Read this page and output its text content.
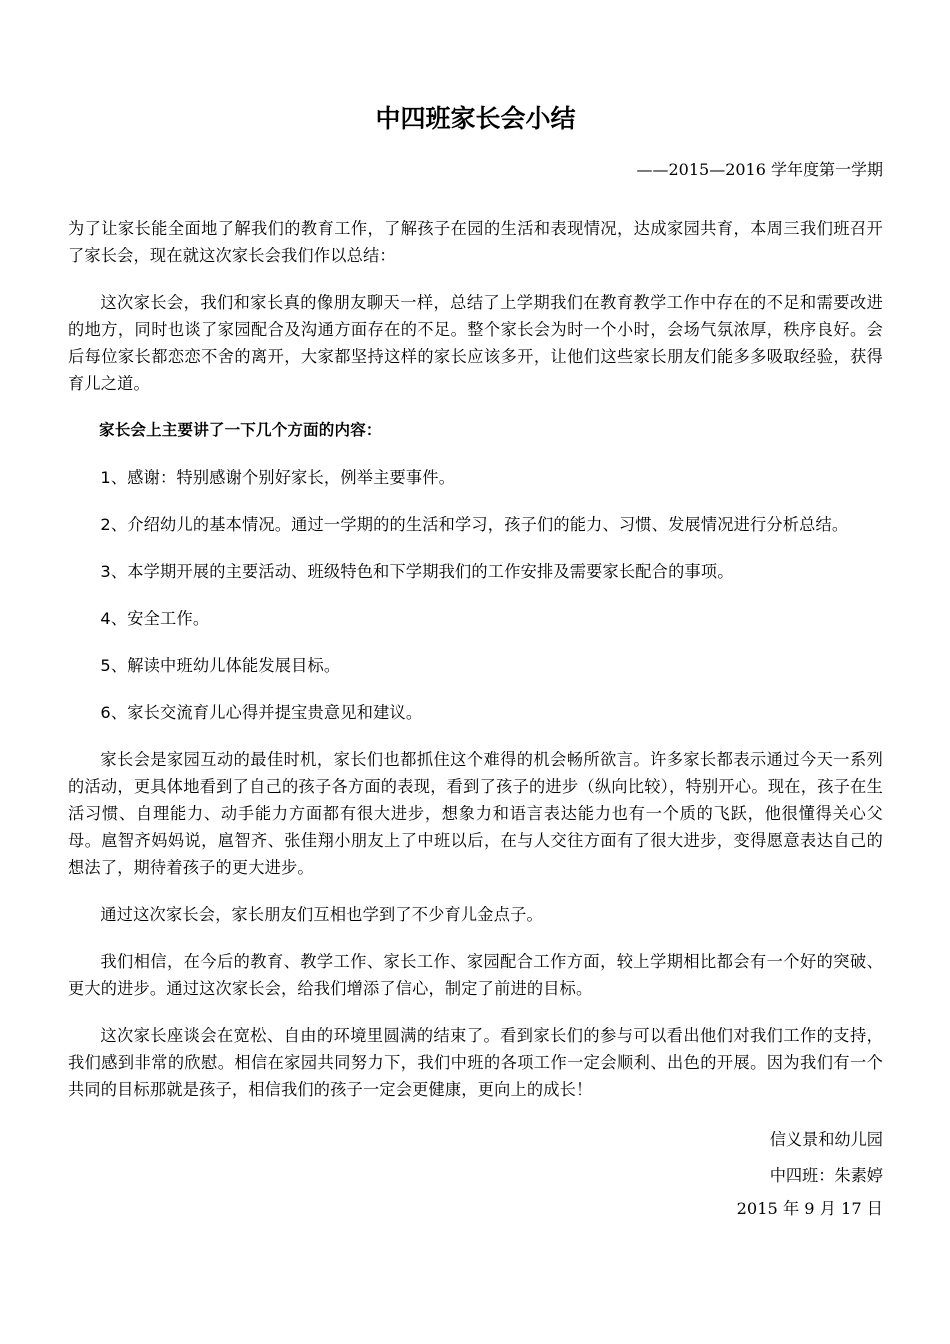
中四班家长会小结
——2015—2016 学年度第一学期

为了让家长能全面地了解我们的教育工作，了解孩子在园的生活和表现情况，达成家园共育，本周三我们班召开了家长会，现在就这次家长会我们作以总结：

这次家长会，我们和家长真的像朋友聊天一样，总结了上学期我们在教育教学工作中存在的不足和需要改进的地方，同时也谈了家园配合及沟通方面存在的不足。整个家长会为时一个小时，会场气氛浓厚，秩序良好。会后每位家长都恋恋不舍的离开，大家都坚持这样的家长应该多开，让他们这些家长朋友们能多多吸取经验，获得育儿之道。

家长会上主要讲了一下几个方面的内容：

1、感谢：特别感谢个别好家长，例举主要事件。

2、介绍幼儿的基本情况。通过一学期的的生活和学习，孩子们的能力、习惯、发展情况进行分析总结。

3、本学期开展的主要活动、班级特色和下学期我们的工作安排及需要家长配合的事项。

4、安全工作。

5、解读中班幼儿体能发展目标。

6、家长交流育儿心得并提宝贵意见和建议。

家长会是家园互动的最佳时机，家长们也都抓住这个难得的机会畅所欲言。许多家长都表示通过今天一系列的活动，更具体地看到了自己的孩子各方面的表现，看到了孩子的进步（纵向比较），特别开心。现在，孩子在生活习惯、自理能力、动手能力方面都有很大进步，想象力和语言表达能力也有一个质的飞跃，他很懂得关心父母。扈智齐妈妈说，扈智齐、张佳翔小朋友上了中班以后，在与人交往方面有了很大进步，变得愿意表达自己的想法了，期待着孩子的更大进步。

通过这次家长会，家长朋友们互相也学到了不少育儿金点子。

我们相信，在今后的教育、教学工作、家长工作、家园配合工作方面，较上学期相比都会有一个好的突破、更大的进步。通过这次家长会，给我们增添了信心，制定了前进的目标。

这次家长座谈会在宽松、自由的环境里圆满的结束了。看到家长们的参与可以看出他们对我们工作的支持，我们感到非常的欣慰。相信在家园共同努力下，我们中班的各项工作一定会顺利、出色的开展。因为我们有一个共同的目标那就是孩子，相信我们的孩子一定会更健康，更向上的成长！

信义景和幼儿园
中四班：朱素婷
2015 年 9 月 17 日
